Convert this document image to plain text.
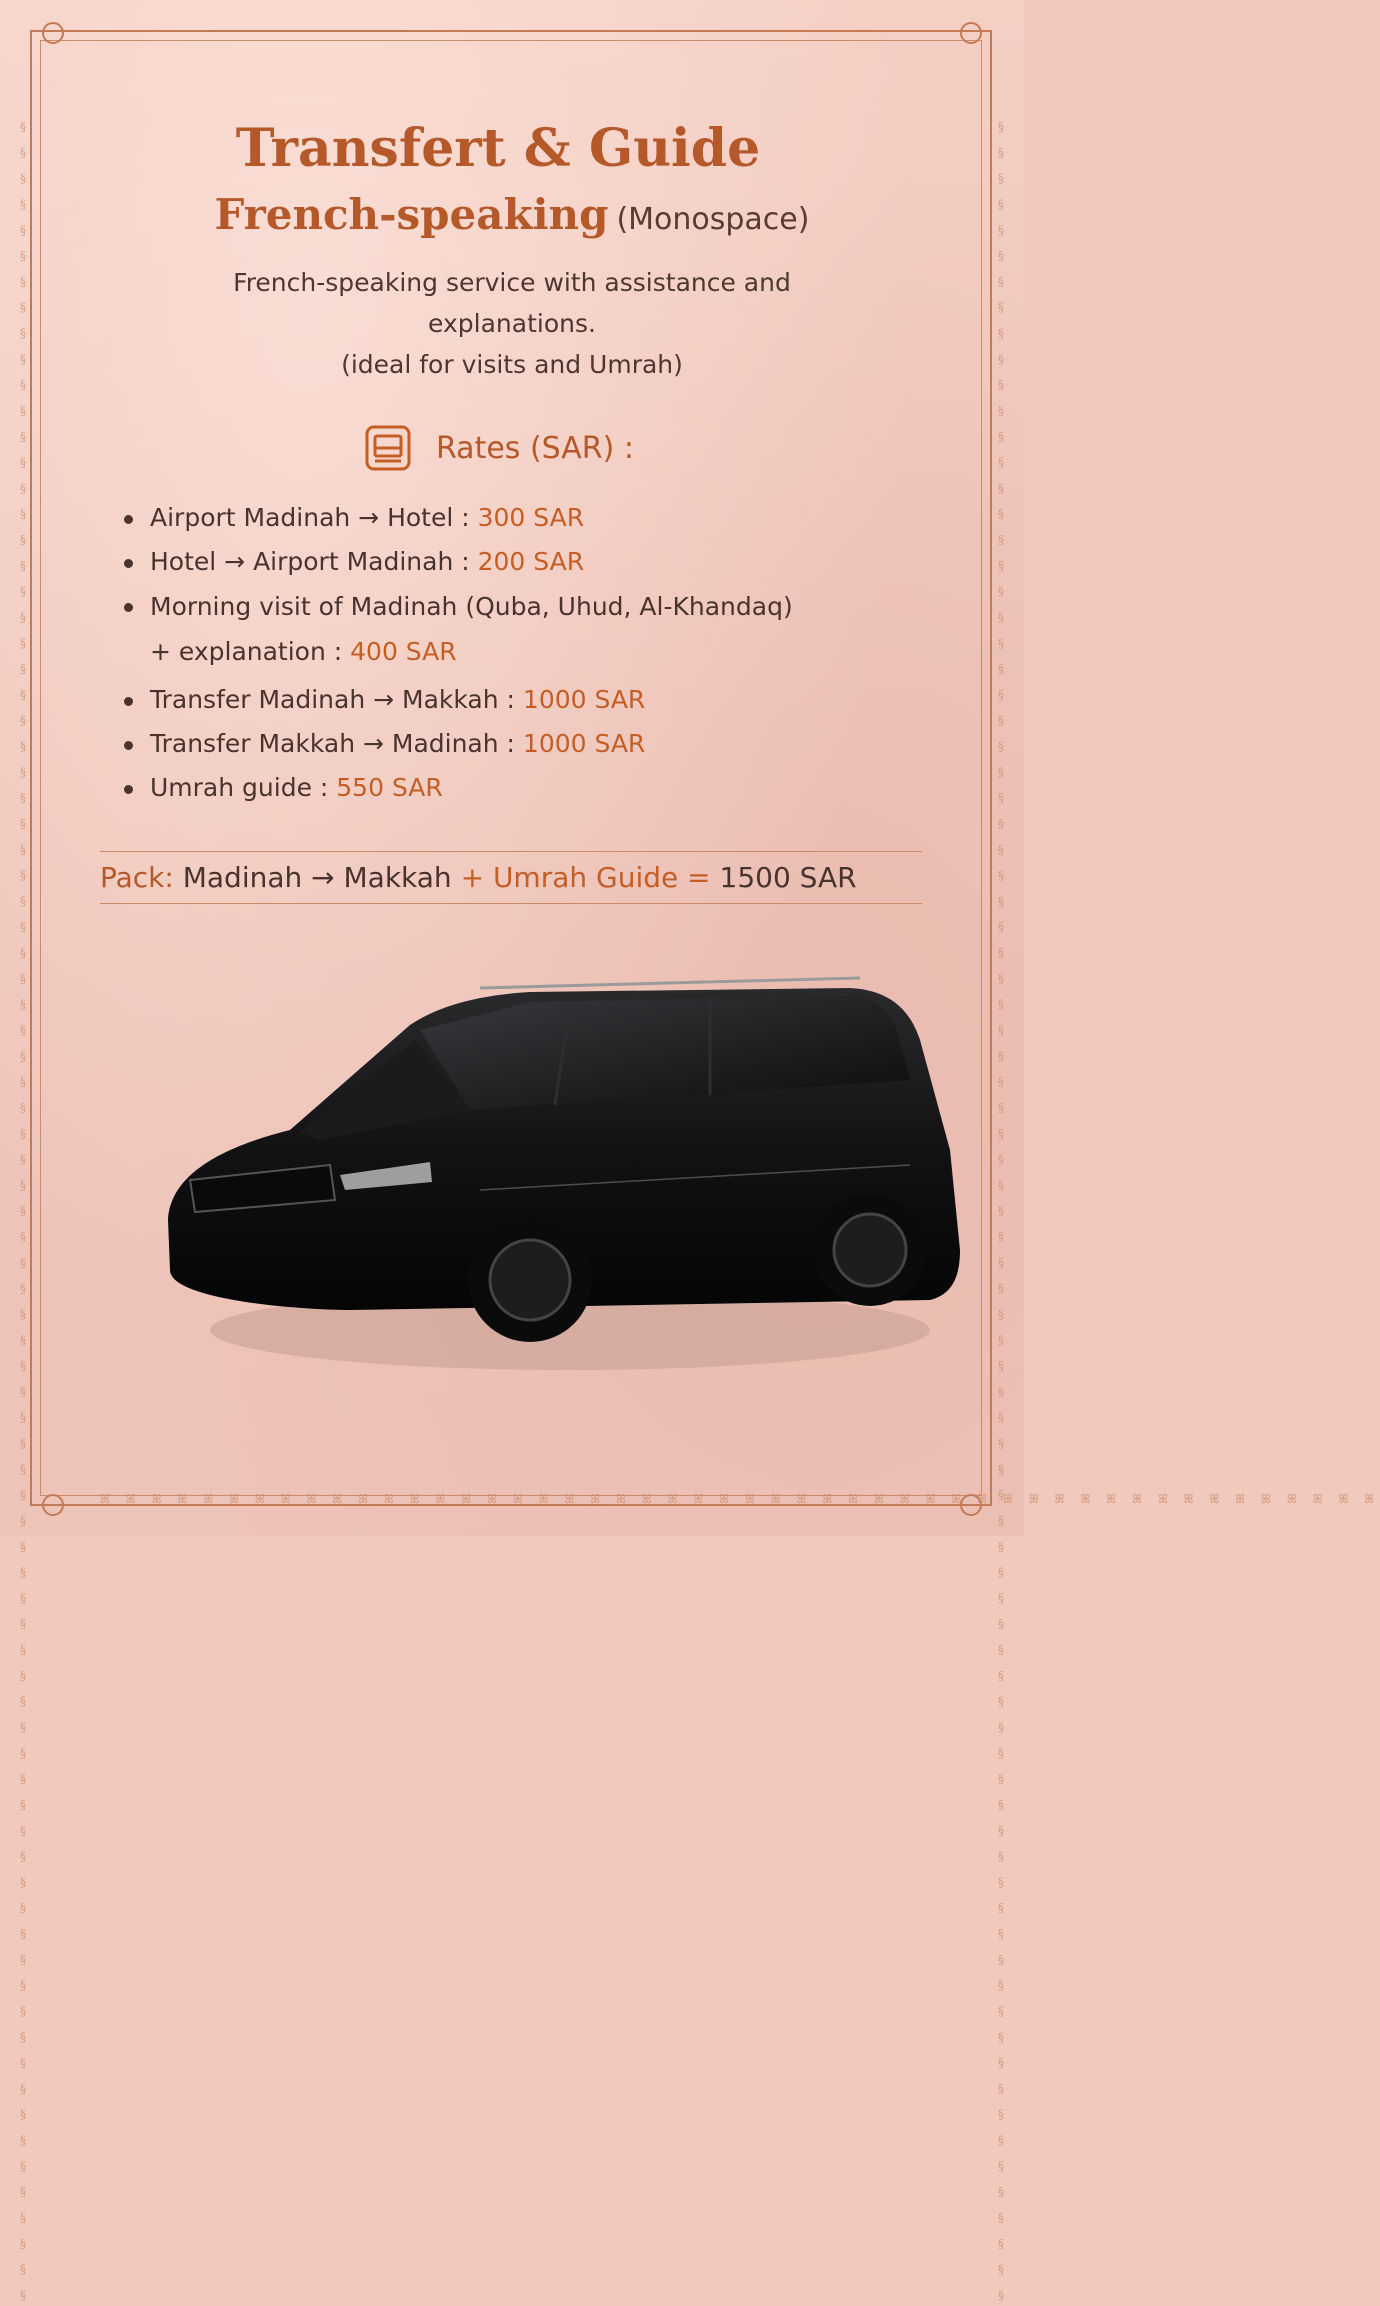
ꕤ ꕤ ꕤ ꕤ ꕤ ꕤ ꕤ ꕤ ꕤ ꕤ ꕤ ꕤ ꕤ ꕤ ꕤ ꕤ ꕤ ꕤ ꕤ ꕤ ꕤ ꕤ ꕤ ꕤ ꕤ ꕤ ꕤ ꕤ ꕤ ꕤ ꕤ ꕤ ꕤ ꕤ ꕤ ꕤ ꕤ ꕤ ꕤ ꕤ ꕤ ꕤ ꕤ ꕤ ꕤ ꕤ ꕤ ꕤ ꕤ ꕤ
§ § § § § § § § § § § § § § § § § § § § § § § § § § § § § § § § § § § § § § § § § § § § § § § § § § § § § § § § § § § § § § § § § § § § § § § § § § § § § § § § § § § § §	§ § § § § § § § § § § § § § § § § § § § § § § § § § § § § § § § § § § § § § § § § § § § § § § § § § § § § § § § § § § § § § § § § § § § § § § § § § § § § § § § § § § § §
Transfert & Guide
French-speaking (Monospace)

French-speaking service with assistance and explanations.
(ideal for visits and Umrah)

Rates (SAR) :
Airport Madinah → Hotel : 300 SAR
Hotel → Airport Madinah : 200 SAR
Morning visit of Madinah (Quba, Uhud, Al-Khandaq)
+ explanation : 400 SAR
Transfer Madinah → Makkah : 1000 SAR
Transfer Makkah → Madinah : 1000 SAR
Umrah guide : 550 SAR
Pack: Madinah → Makkah + Umrah Guide = 1500 SAR
